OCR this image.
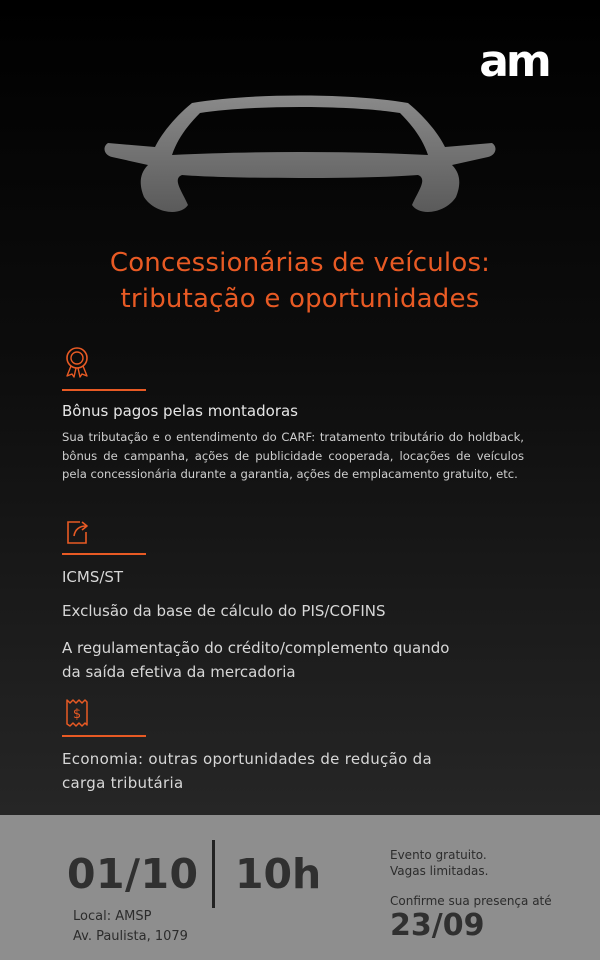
am
Concessionárias de veículos:
tributação e oportunidades
Bônus pagos pelas montadoras
Sua tributação e o entendimento do CARF: tratamento tributário do holdback, bônus de campanha, ações de publicidade cooperada, locações de veículos pela concessionária durante a garantia, ações de emplacamento gratuito, etc.
ICMS/ST
Exclusão da base de cálculo do PIS/COFINS
A regulamentação do crédito/complemento quando
da saída efetiva da mercadoria
$
Economia: outras oportunidades de redução da
carga tributária
01/10 10h
Local: AMSP
Av. Paulista, 1079
Evento gratuito.
Vagas limitadas.
Confirme sua presença até
23/09
